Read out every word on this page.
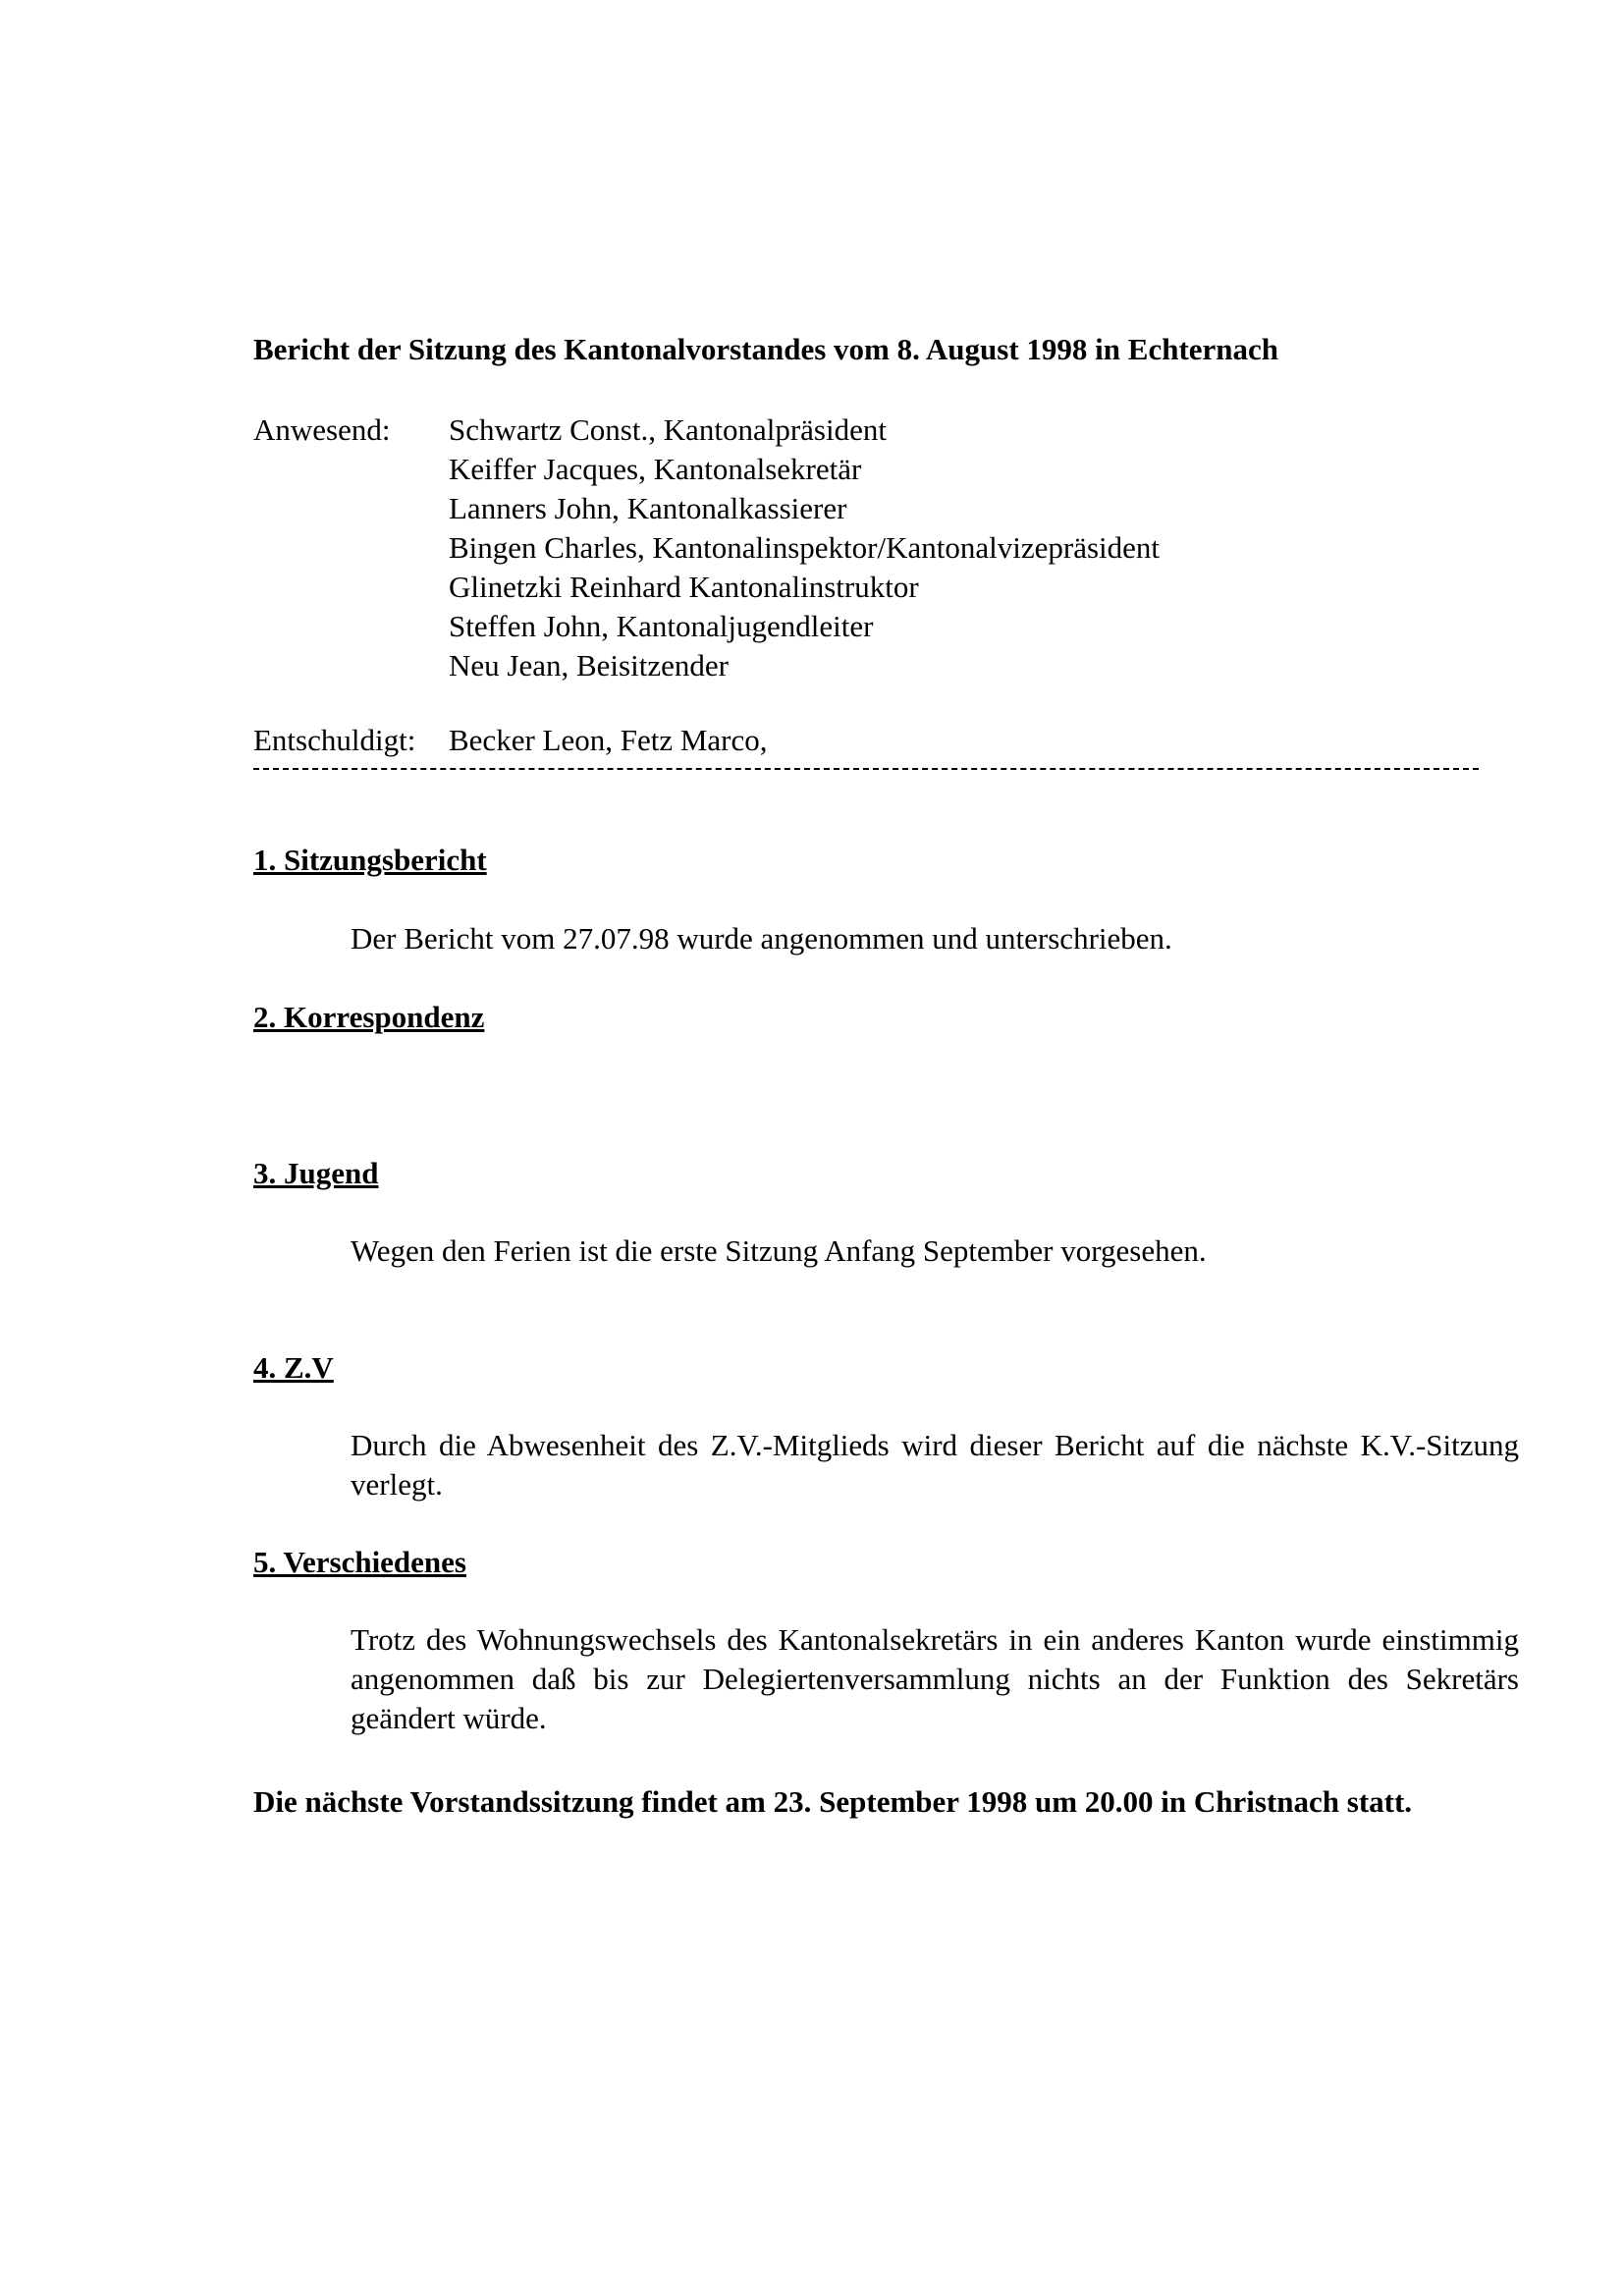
Bericht der Sitzung des Kantonalvorstandes vom 8. August 1998 in Echternach
Anwesend: Schwartz Const., Kantonalpräsident
Keiffer Jacques, Kantonalsekretär
Lanners John, Kantonalkassierer
Bingen Charles, Kantonalinspektor/Kantonalvizepräsident
Glinetzki Reinhard Kantonalinstruktor
Steffen John, Kantonaljugendleiter
Neu Jean, Beisitzender
Entschuldigt: Becker Leon, Fetz Marco,
1. Sitzungsbericht

Der Bericht vom 27.07.98 wurde angenommen und unterschrieben.

2. Korrespondenz
3. Jugend

Wegen den Ferien ist die erste Sitzung Anfang September vorgesehen.

4. Z.V

Durch die Abwesenheit des Z.V.-Mitglieds wird dieser Bericht auf die nächste K.V.-Sitzung verlegt.

5. Verschiedenes

Trotz des Wohnungswechsels des Kantonalsekretärs in ein anderes Kanton wurde einstimmig angenommen daß bis zur Delegiertenversammlung nichts an der Funktion des Sekretärs geändert würde.

Die nächste Vorstandssitzung findet am 23. September 1998 um 20.00 in Christnach statt.
